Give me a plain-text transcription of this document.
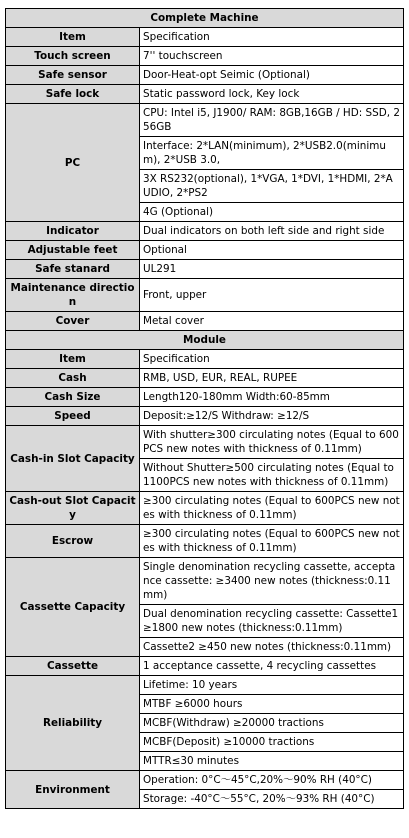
Complete Machine	
Item	Specification
Touch screen	7'' touchscreen
Safe sensor	Door-Heat-opt Seimic (Optional)
Safe lock	Static password lock, Key lock
PC	CPU: Intel i5, J1900/ RAM: 8GB,16GB / HD: SSD, 256GB
	Interface: 2*LAN(minimum), 2*USB2.0(minimum), 2*USB 3.0,
	3X RS232(optional), 1*VGA, 1*DVI, 1*HDMI, 2*AUDIO, 2*PS2
	4G (Optional)
Indicator	Dual indicators on both left side and right side
Adjustable feet	Optional
Safe stanard	UL291
Maintenance direction	Front, upper
Cover	Metal cover
Module	
Item	Specification
Cash	RMB, USD, EUR, REAL, RUPEE
Cash Size	Length120-180mm Width:60-85mm
Speed	Deposit:≥12/S Withdraw: ≥12/S
Cash-in Slot Capacity	With shutter≥300 circulating notes (Equal to 600PCS new notes with thickness of 0.11mm)
	Without Shutter≥500 circulating notes (Equal to 1100PCS new notes with thickness of 0.11mm)
Cash-out Slot Capacity	≥300 circulating notes (Equal to 600PCS new notes with thickness of 0.11mm)
Escrow	≥300 circulating notes (Equal to 600PCS new notes with thickness of 0.11mm)
Cassette Capacity	Single denomination recycling cassette, acceptance cassette: ≥3400 new notes (thickness:0.11mm)
	Dual denomination recycling cassette: Cassette1 ≥1800 new notes (thickness:0.11mm)
	Cassette2 ≥450 new notes (thickness:0.11mm)
Cassette	1 acceptance cassette, 4 recycling cassettes
Reliability	Lifetime: 10 years
	MTBF ≥6000 hours
	MCBF(Withdraw) ≥20000 tractions
	MCBF(Deposit) ≥10000 tractions
	MTTR≤30 minutes
Environment	Operation: 0°C～45°C,20%～90% RH (40°C)
	Storage: -40°C～55°C, 20%～93% RH (40°C)
